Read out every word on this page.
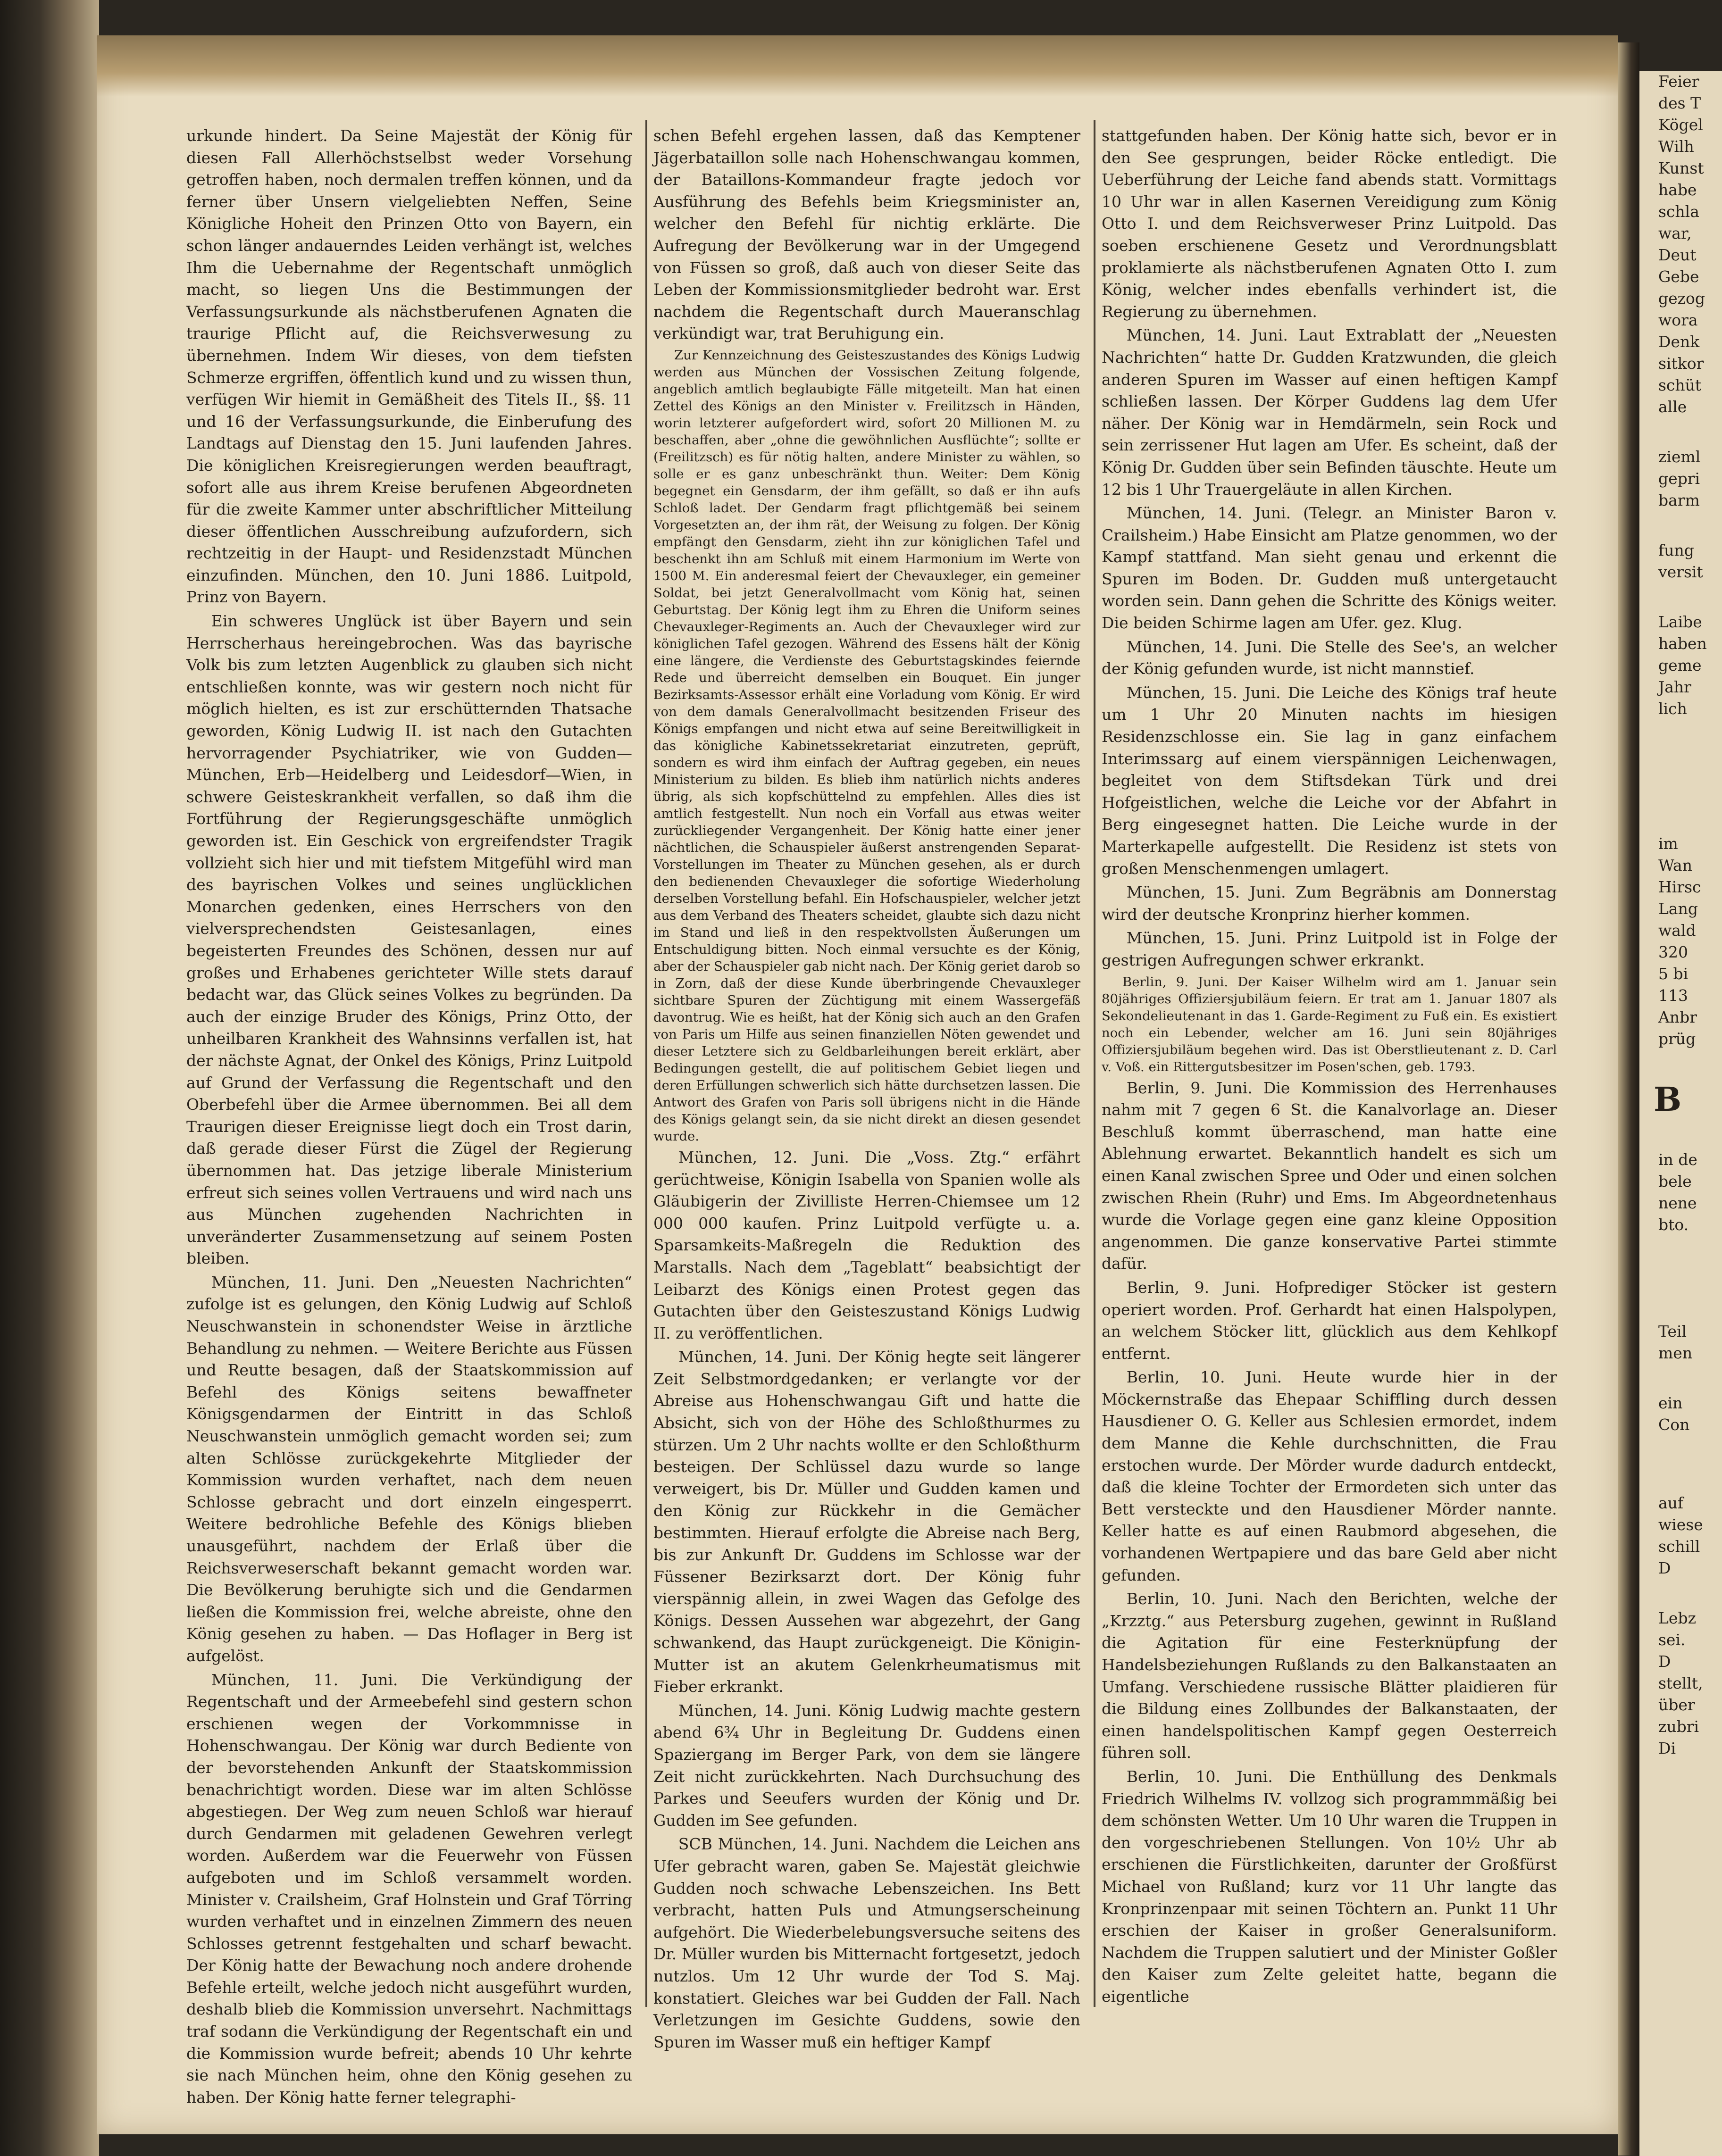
urkunde hindert. Da Seine Majestät der König für diesen Fall Allerhöchstselbst weder Vorsehung getroffen haben, noch dermalen treffen können, und da ferner über Unsern vielgeliebten Neffen, Seine Königliche Hoheit den Prinzen Otto von Bayern, ein schon länger andauerndes Leiden verhängt ist, welches Ihm die Uebernahme der Regentschaft unmöglich macht, so liegen Uns die Bestimmungen der Verfassungsurkunde als nächstberufenen Agnaten die traurige Pflicht auf, die Reichsverwesung zu übernehmen. Indem Wir dieses, von dem tiefsten Schmerze ergriffen, öffentlich kund und zu wissen thun, verfügen Wir hiemit in Gemäßheit des Titels II., §§. 11 und 16 der Verfassungsurkunde, die Einberufung des Landtags auf Dienstag den 15. Juni laufenden Jahres. Die königlichen Kreisregierungen werden beauftragt, sofort alle aus ihrem Kreise berufenen Abgeordneten für die zweite Kammer unter abschriftlicher Mitteilung dieser öffentlichen Ausschreibung aufzufordern, sich rechtzeitig in der Haupt- und Residenzstadt München einzufinden. München, den 10. Juni 1886. Luitpold, Prinz von Bayern.

Ein schweres Unglück ist über Bayern und sein Herrscherhaus hereingebrochen. Was das bayrische Volk bis zum letzten Augenblick zu glauben sich nicht entschließen konnte, was wir gestern noch nicht für möglich hielten, es ist zur erschütternden Thatsache geworden, König Ludwig II. ist nach den Gutachten hervorragender Psychiatriker, wie von Gudden—München, Erb—Heidelberg und Leidesdorf—Wien, in schwere Geisteskrankheit verfallen, so daß ihm die Fortführung der Regierungsgeschäfte unmöglich geworden ist. Ein Geschick von ergreifendster Tragik vollzieht sich hier und mit tiefstem Mitgefühl wird man des bayrischen Volkes und seines unglücklichen Monarchen gedenken, eines Herrschers von den vielversprechendsten Geistesanlagen, eines begeisterten Freundes des Schönen, dessen nur auf großes und Erhabenes gerichteter Wille stets darauf bedacht war, das Glück seines Volkes zu begründen. Da auch der einzige Bruder des Königs, Prinz Otto, der unheilbaren Krankheit des Wahnsinns verfallen ist, hat der nächste Agnat, der Onkel des Königs, Prinz Luitpold auf Grund der Verfassung die Regentschaft und den Oberbefehl über die Armee übernommen. Bei all dem Traurigen dieser Ereignisse liegt doch ein Trost darin, daß gerade dieser Fürst die Zügel der Regierung übernommen hat. Das jetzige liberale Ministerium erfreut sich seines vollen Vertrauens und wird nach uns aus München zugehenden Nachrichten in unveränderter Zusammensetzung auf seinem Posten bleiben.

München, 11. Juni. Den „Neuesten Nachrichten“ zufolge ist es gelungen, den König Ludwig auf Schloß Neuschwanstein in schonendster Weise in ärztliche Behandlung zu nehmen. — Weitere Berichte aus Füssen und Reutte besagen, daß der Staatskommission auf Befehl des Königs seitens bewaffneter Königsgendarmen der Eintritt in das Schloß Neuschwanstein unmöglich gemacht worden sei; zum alten Schlösse zurückgekehrte Mitglieder der Kommission wurden verhaftet, nach dem neuen Schlosse gebracht und dort einzeln eingesperrt. Weitere bedrohliche Befehle des Königs blieben unausgeführt, nachdem der Erlaß über die Reichsverweserschaft bekannt gemacht worden war. Die Bevölkerung beruhigte sich und die Gendarmen ließen die Kommission frei, welche abreiste, ohne den König gesehen zu haben. — Das Hoflager in Berg ist aufgelöst.

München, 11. Juni. Die Verkündigung der Regentschaft und der Armeebefehl sind gestern schon erschienen wegen der Vorkommnisse in Hohenschwangau. Der König war durch Bediente von der bevorstehenden Ankunft der Staatskommission benachrichtigt worden. Diese war im alten Schlösse abgestiegen. Der Weg zum neuen Schloß war hierauf durch Gendarmen mit geladenen Gewehren verlegt worden. Außerdem war die Feuerwehr von Füssen aufgeboten und im Schloß versammelt worden. Minister v. Crailsheim, Graf Holnstein und Graf Törring wurden verhaftet und in einzelnen Zimmern des neuen Schlosses getrennt festgehalten und scharf bewacht. Der König hatte der Bewachung noch andere drohende Befehle erteilt, welche jedoch nicht ausgeführt wurden, deshalb blieb die Kommission unversehrt. Nachmittags traf sodann die Verkündigung der Regentschaft ein und die Kommission wurde befreit; abends 10 Uhr kehrte sie nach München heim, ohne den König gesehen zu haben. Der König hatte ferner telegraphi-

schen Befehl ergehen lassen, daß das Kemptener Jägerbataillon solle nach Hohenschwangau kommen, der Bataillons-Kommandeur fragte jedoch vor Ausführung des Befehls beim Kriegsminister an, welcher den Befehl für nichtig erklärte. Die Aufregung der Bevölkerung war in der Umgegend von Füssen so groß, daß auch von dieser Seite das Leben der Kommissionsmitglieder bedroht war. Erst nachdem die Regentschaft durch Maueranschlag verkündigt war, trat Beruhigung ein.

Zur Kennzeichnung des Geisteszustandes des Königs Ludwig werden aus München der Vossischen Zeitung folgende, angeblich amtlich beglaubigte Fälle mitgeteilt. Man hat einen Zettel des Königs an den Minister v. Freilitzsch in Händen, worin letzterer aufgefordert wird, sofort 20 Millionen M. zu beschaffen, aber „ohne die gewöhnlichen Ausflüchte“; sollte er (Freilitzsch) es für nötig halten, andere Minister zu wählen, so solle er es ganz unbeschränkt thun. Weiter: Dem König begegnet ein Gensdarm, der ihm gefällt, so daß er ihn aufs Schloß ladet. Der Gendarm fragt pflichtgemäß bei seinem Vorgesetzten an, der ihm rät, der Weisung zu folgen. Der König empfängt den Gensdarm, zieht ihn zur königlichen Tafel und beschenkt ihn am Schluß mit einem Harmonium im Werte von 1500 M. Ein anderesmal feiert der Chevauxleger, ein gemeiner Soldat, bei jetzt Generalvollmacht vom König hat, seinen Geburtstag. Der König legt ihm zu Ehren die Uniform seines Chevauxleger-Regiments an. Auch der Chevauxleger wird zur königlichen Tafel gezogen. Während des Essens hält der König eine längere, die Verdienste des Geburtstagskindes feiernde Rede und überreicht demselben ein Bouquet. Ein junger Bezirksamts-Assessor erhält eine Vorladung vom König. Er wird von dem damals Generalvollmacht besitzenden Friseur des Königs empfangen und nicht etwa auf seine Bereitwilligkeit in das königliche Kabinetssekretariat einzutreten, geprüft, sondern es wird ihm einfach der Auftrag gegeben, ein neues Ministerium zu bilden. Es blieb ihm natürlich nichts anderes übrig, als sich kopfschüttelnd zu empfehlen. Alles dies ist amtlich festgestellt. Nun noch ein Vorfall aus etwas weiter zurückliegender Vergangenheit. Der König hatte einer jener nächtlichen, die Schauspieler äußerst anstrengenden Separat-Vorstellungen im Theater zu München gesehen, als er durch den bedienenden Chevauxleger die sofortige Wiederholung derselben Vorstellung befahl. Ein Hofschauspieler, welcher jetzt aus dem Verband des Theaters scheidet, glaubte sich dazu nicht im Stand und ließ in den respektvollsten Äußerungen um Entschuldigung bitten. Noch einmal versuchte es der König, aber der Schauspieler gab nicht nach. Der König geriet darob so in Zorn, daß der diese Kunde überbringende Chevauxleger sichtbare Spuren der Züchtigung mit einem Wassergefäß davontrug. Wie es heißt, hat der König sich auch an den Grafen von Paris um Hilfe aus seinen finanziellen Nöten gewendet und dieser Letztere sich zu Geldbarleihungen bereit erklärt, aber Bedingungen gestellt, die auf politischem Gebiet liegen und deren Erfüllungen schwerlich sich hätte durchsetzen lassen. Die Antwort des Grafen von Paris soll übrigens nicht in die Hände des Königs gelangt sein, da sie nicht direkt an diesen gesendet wurde.

München, 12. Juni. Die „Voss. Ztg.“ erfährt gerüchtweise, Königin Isabella von Spanien wolle als Gläubigerin der Zivilliste Herren-Chiemsee um 12 000 000 kaufen. Prinz Luitpold verfügte u. a. Sparsamkeits-Maßregeln die Reduktion des Marstalls. Nach dem „Tageblatt“ beabsichtigt der Leibarzt des Königs einen Protest gegen das Gutachten über den Geisteszustand Königs Ludwig II. zu veröffentlichen.

München, 14. Juni. Der König hegte seit längerer Zeit Selbstmordgedanken; er verlangte vor der Abreise aus Hohenschwangau Gift und hatte die Absicht, sich von der Höhe des Schloßthurmes zu stürzen. Um 2 Uhr nachts wollte er den Schloßthurm besteigen. Der Schlüssel dazu wurde so lange verweigert, bis Dr. Müller und Gudden kamen und den König zur Rückkehr in die Gemächer bestimmten. Hierauf erfolgte die Abreise nach Berg, bis zur Ankunft Dr. Guddens im Schlosse war der Füssener Bezirksarzt dort. Der König fuhr vierspännig allein, in zwei Wagen das Gefolge des Königs. Dessen Aussehen war abgezehrt, der Gang schwankend, das Haupt zurückgeneigt. Die Königin-Mutter ist an akutem Gelenkrheumatismus mit Fieber erkrankt.

München, 14. Juni. König Ludwig machte gestern abend 6¾ Uhr in Begleitung Dr. Guddens einen Spaziergang im Berger Park, von dem sie längere Zeit nicht zurückkehrten. Nach Durchsuchung des Parkes und Seeufers wurden der König und Dr. Gudden im See gefunden.

SCB München, 14. Juni. Nachdem die Leichen ans Ufer gebracht waren, gaben Se. Majestät gleichwie Gudden noch schwache Lebenszeichen. Ins Bett verbracht, hatten Puls und Atmungserscheinung aufgehört. Die Wiederbelebungsversuche seitens des Dr. Müller wurden bis Mitternacht fortgesetzt, jedoch nutzlos. Um 12 Uhr wurde der Tod S. Maj. konstatiert. Gleiches war bei Gudden der Fall. Nach Verletzungen im Gesichte Guddens, sowie den Spuren im Wasser muß ein heftiger Kampf

stattgefunden haben. Der König hatte sich, bevor er in den See gesprungen, beider Röcke entledigt. Die Ueberführung der Leiche fand abends statt. Vormittags 10 Uhr war in allen Kasernen Vereidigung zum König Otto I. und dem Reichsverweser Prinz Luitpold. Das soeben erschienene Gesetz und Verordnungsblatt proklamierte als nächstberufenen Agnaten Otto I. zum König, welcher indes ebenfalls verhindert ist, die Regierung zu übernehmen.

München, 14. Juni. Laut Extrablatt der „Neuesten Nachrichten“ hatte Dr. Gudden Kratzwunden, die gleich anderen Spuren im Wasser auf einen heftigen Kampf schließen lassen. Der Körper Guddens lag dem Ufer näher. Der König war in Hemdärmeln, sein Rock und sein zerrissener Hut lagen am Ufer. Es scheint, daß der König Dr. Gudden über sein Befinden täuschte. Heute um 12 bis 1 Uhr Trauergeläute in allen Kirchen.

München, 14. Juni. (Telegr. an Minister Baron v. Crailsheim.) Habe Einsicht am Platze genommen, wo der Kampf stattfand. Man sieht genau und erkennt die Spuren im Boden. Dr. Gudden muß untergetaucht worden sein. Dann gehen die Schritte des Königs weiter. Die beiden Schirme lagen am Ufer. gez. Klug.

München, 14. Juni. Die Stelle des See's, an welcher der König gefunden wurde, ist nicht mannstief.

München, 15. Juni. Die Leiche des Königs traf heute um 1 Uhr 20 Minuten nachts im hiesigen Residenzschlosse ein. Sie lag in ganz einfachem Interimssarg auf einem vierspännigen Leichenwagen, begleitet von dem Stiftsdekan Türk und drei Hofgeistlichen, welche die Leiche vor der Abfahrt in Berg eingesegnet hatten. Die Leiche wurde in der Marterkapelle aufgestellt. Die Residenz ist stets von großen Menschenmengen umlagert.

München, 15. Juni. Zum Begräbnis am Donnerstag wird der deutsche Kronprinz hierher kommen.

München, 15. Juni. Prinz Luitpold ist in Folge der gestrigen Aufregungen schwer erkrankt.

Berlin, 9. Juni. Der Kaiser Wilhelm wird am 1. Januar sein 80jähriges Offiziersjubiläum feiern. Er trat am 1. Januar 1807 als Sekondelieutenant in das 1. Garde-Regiment zu Fuß ein. Es existiert noch ein Lebender, welcher am 16. Juni sein 80jähriges Offiziersjubiläum begehen wird. Das ist Oberstlieutenant z. D. Carl v. Voß. ein Rittergutsbesitzer im Posen'schen, geb. 1793.

Berlin, 9. Juni. Die Kommission des Herrenhauses nahm mit 7 gegen 6 St. die Kanalvorlage an. Dieser Beschluß kommt überraschend, man hatte eine Ablehnung erwartet. Bekanntlich handelt es sich um einen Kanal zwischen Spree und Oder und einen solchen zwischen Rhein (Ruhr) und Ems. Im Abgeordnetenhaus wurde die Vorlage gegen eine ganz kleine Opposition angenommen. Die ganze konservative Partei stimmte dafür.

Berlin, 9. Juni. Hofprediger Stöcker ist gestern operiert worden. Prof. Gerhardt hat einen Halspolypen, an welchem Stöcker litt, glücklich aus dem Kehlkopf entfernt.

Berlin, 10. Juni. Heute wurde hier in der Möckernstraße das Ehepaar Schiffling durch dessen Hausdiener O. G. Keller aus Schlesien ermordet, indem dem Manne die Kehle durchschnitten, die Frau erstochen wurde. Der Mörder wurde dadurch entdeckt, daß die kleine Tochter der Ermordeten sich unter das Bett versteckte und den Hausdiener Mörder nannte. Keller hatte es auf einen Raubmord abgesehen, die vorhandenen Wertpapiere und das bare Geld aber nicht gefunden.

Berlin, 10. Juni. Nach den Berichten, welche der „Krzztg.“ aus Petersburg zugehen, gewinnt in Rußland die Agitation für eine Festerknüpfung der Handelsbeziehungen Rußlands zu den Balkanstaaten an Umfang. Verschiedene russische Blätter plaidieren für die Bildung eines Zollbundes der Balkanstaaten, der einen handelspolitischen Kampf gegen Oesterreich führen soll.

Berlin, 10. Juni. Die Enthüllung des Denkmals Friedrich Wilhelms IV. vollzog sich programmmäßig bei dem schönsten Wetter. Um 10 Uhr waren die Truppen in den vorgeschriebenen Stellungen. Von 10½ Uhr ab erschienen die Fürstlichkeiten, darunter der Großfürst Michael von Rußland; kurz vor 11 Uhr langte das Kronprinzenpaar mit seinen Töchtern an. Punkt 11 Uhr erschien der Kaiser in großer Generalsuniform. Nachdem die Truppen salutiert und der Minister Goßler den Kaiser zum Zelte geleitet hatte, begann die eigentliche

Feier
des T
Kögel
Wilh
Kunst
habe
schla
war,
Deut
Gebe
gezog
wora
Denk
sitkor
schüt
alle
zieml
gepri
barm
fung
versit
Laibe
haben
geme
Jahr
lich
im
Wan
Hirsc
Lang
wald
320
5 bi
113
Anbr
prüg
B
in de
bele
nene
bto.
Teil
men
ein
Con
auf
wiese
schill
D
Lebz
sei.
D
stellt,
über
zubri
Di
